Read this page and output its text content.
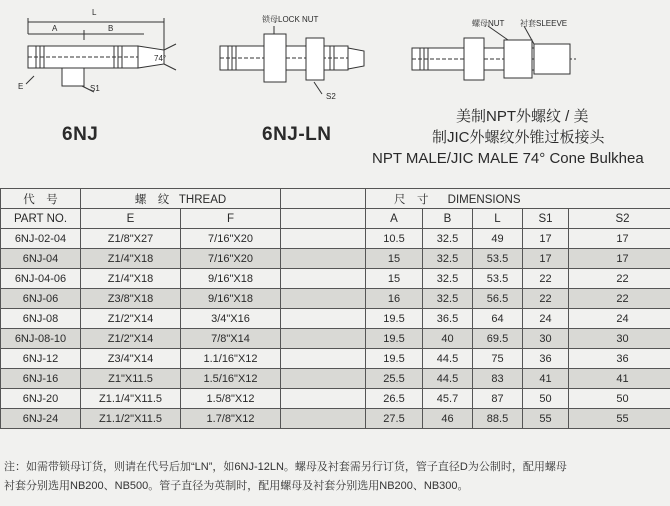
L
A	B
74°
E	S1
6NJ
锁母LOCK NUT
S2
6NJ-LN
螺母NUT 衬套SLEEVE
美制NPT外螺纹 / 美
制JIC外螺纹外锥过板接头
NPT MALE/JIC MALE 74° Cone Bulkhea
代　号	螺　纹 THREAD			尺　寸 DIMENSIONS				
PART NO.	E	F		A	B	L	S1	S2
6NJ-02-04	Z1/8"X27	7/16"X20		10.5	32.5	49	17	17
6NJ-04	Z1/4"X18	7/16"X20		15	32.5	53.5	17	17
6NJ-04-06	Z1/4"X18	9/16"X18		15	32.5	53.5	22	22
6NJ-06	Z3/8"X18	9/16"X18		16	32.5	56.5	22	22
6NJ-08	Z1/2"X14	3/4"X16		19.5	36.5	64	24	24
6NJ-08-10	Z1/2"X14	7/8"X14		19.5	40	69.5	30	30
6NJ-12	Z3/4"X14	1.1/16"X12		19.5	44.5	75	36	36
6NJ-16	Z1"X11.5	1.5/16"X12		25.5	44.5	83	41	41
6NJ-20	Z1.1/4"X11.5	1.5/8"X12		26.5	45.7	87	50	50
6NJ-24	Z1.1/2"X11.5	1.7/8"X12		27.5	46	88.5	55	55
注：如需带锁母订货，则请在代号后加“LN”，如6NJ-12LN。螺母及衬套需另行订货，管子直径D为公制时，配用螺母
衬套分别选用NB200、NB500。管子直径为英制时，配用螺母及衬套分别选用NB200、NB300。
